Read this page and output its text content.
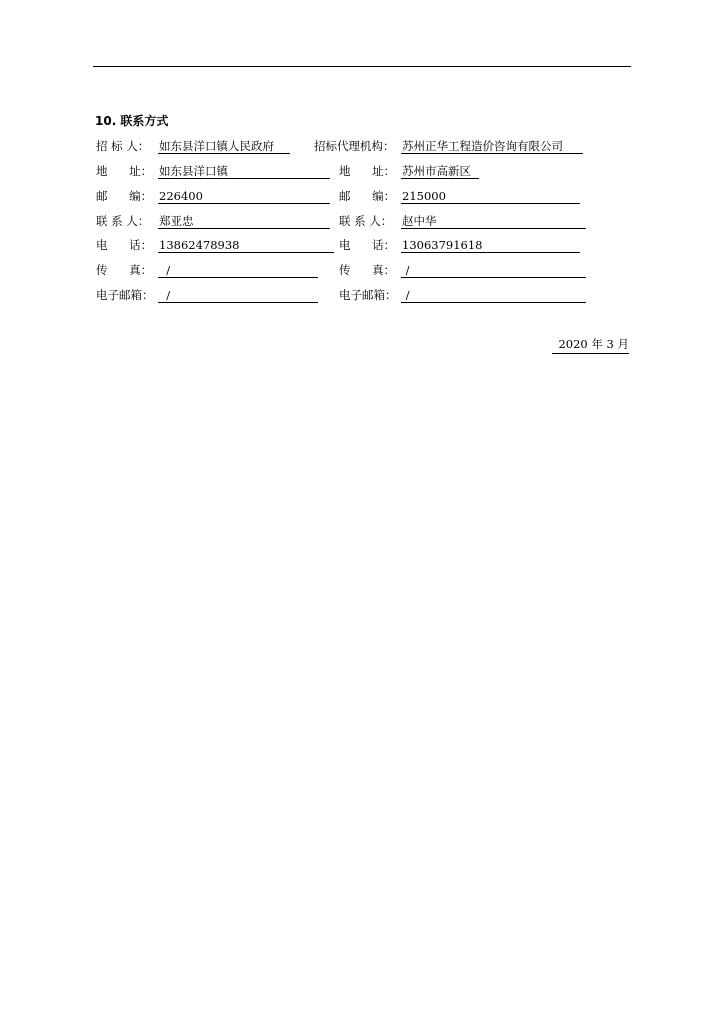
10. 联系方式
招 标 人： 如东县洋口镇人民政府	招标代理机构： 苏州正华工程造价咨询有限公司
地 址： 如东县洋口镇	地 址： 苏州市高新区
邮 编： 226400	邮 编： 215000
联 系 人： 郑亚忠	联 系 人： 赵中华
电 话： 13862478938	电 话： 13063791618
传 真： /	传 真： /
电子邮箱： /	电子邮箱： /
2020 年 3 月
